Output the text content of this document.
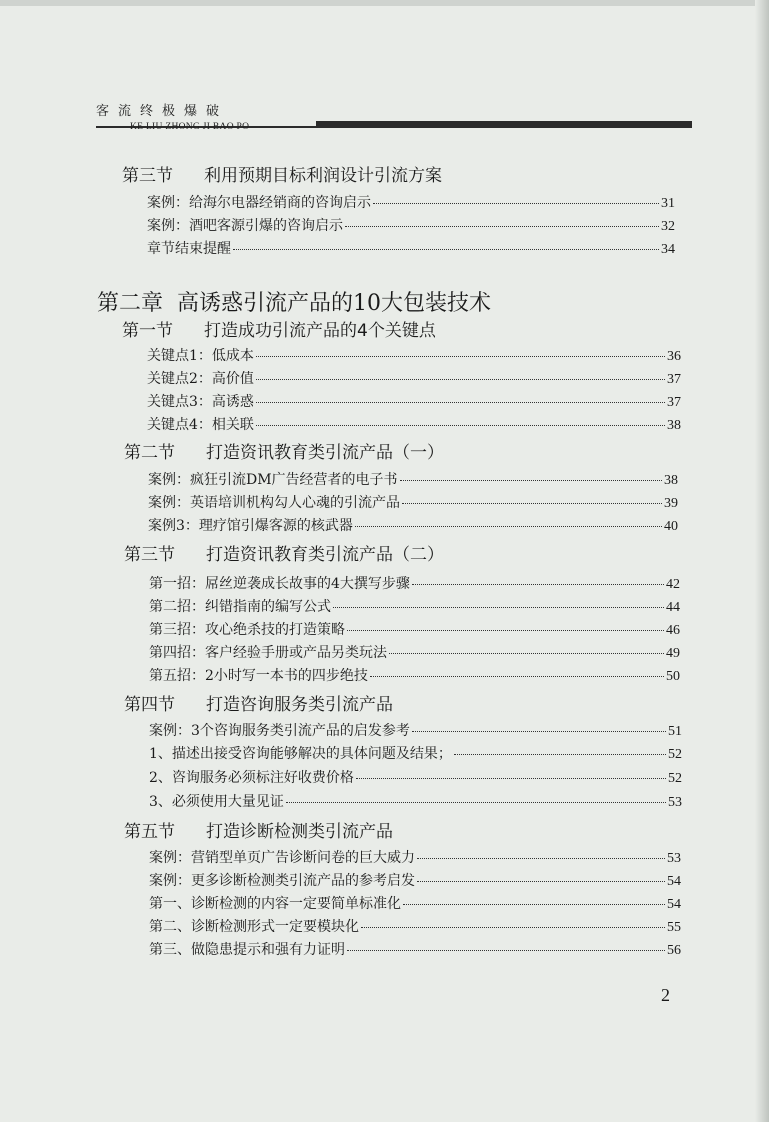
客流终极爆破
KE LIU ZHONG JI BAO PO
第三节 利用预期目标利润设计引流方案
案例：给海尔电器经销商的咨询启示	31
案例：酒吧客源引爆的咨询启示	32
章节结束提醒	34
第二章 高诱惑引流产品的10大包装技术
第一节 打造成功引流产品的4个关键点
关键点1：低成本	36
关键点2：高价值	37
关键点3：高诱惑	37
关键点4：相关联	38
第二节 打造资讯教育类引流产品（一）
案例：疯狂引流DM广告经营者的电子书	38
案例：英语培训机构勾人心魂的引流产品	39
案例3：理疗馆引爆客源的核武器	40
第三节 打造资讯教育类引流产品（二）
第一招：屌丝逆袭成长故事的4大撰写步骤	42
第二招：纠错指南的编写公式	44
第三招：攻心绝杀技的打造策略	46
第四招：客户经验手册或产品另类玩法	49
第五招：2小时写一本书的四步绝技	50
第四节 打造咨询服务类引流产品
案例：3个咨询服务类引流产品的启发参考	51
1、描述出接受咨询能够解决的具体问题及结果；	52
2、咨询服务必须标注好收费价格	52
3、必须使用大量见证	53
第五节 打造诊断检测类引流产品
案例：营销型单页广告诊断问卷的巨大威力	53
案例：更多诊断检测类引流产品的参考启发	54
第一、诊断检测的内容一定要简单标准化	54
第二、诊断检测形式一定要模块化	55
第三、做隐患提示和强有力证明	56
2
